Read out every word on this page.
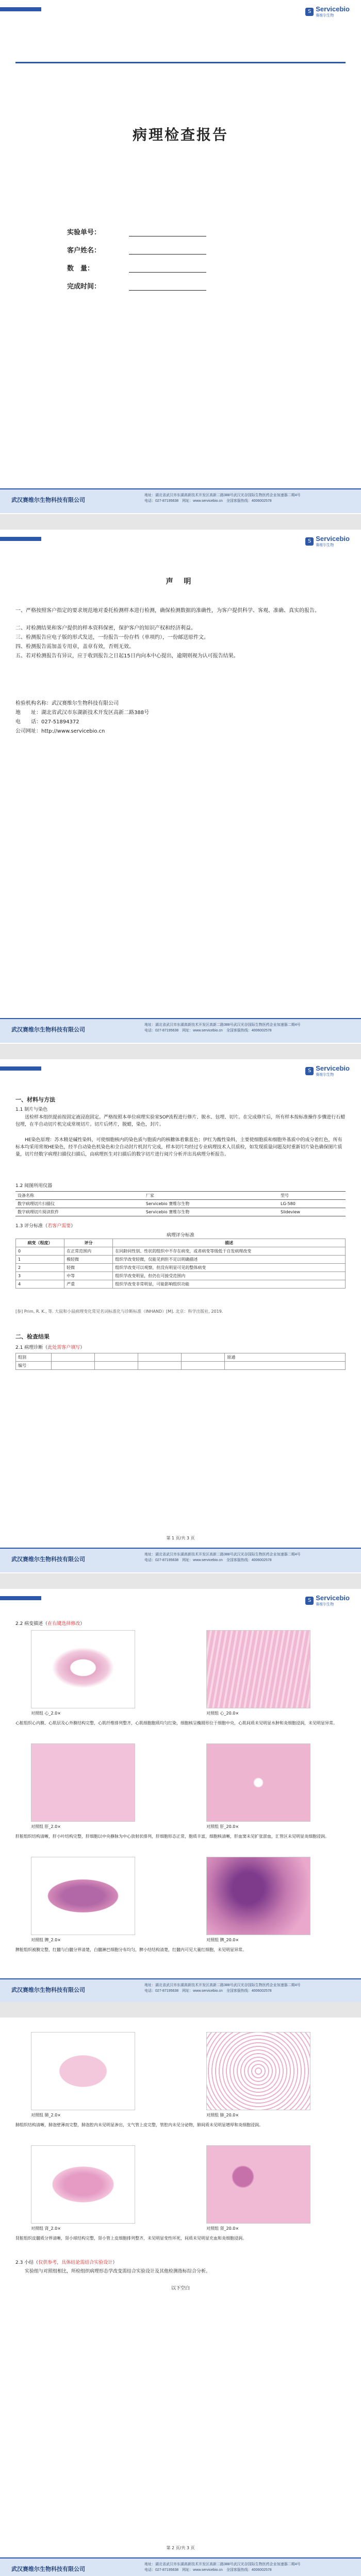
S Servicebio
赛维尔生物
病理检查报告
实验单号：
客户姓名：
数　量：
完成时间：
武汉赛维尔生物科技有限公司
地址：湖北省武汉市东湖高新技术开发区高新二路388号武汉光谷国际生物医药企业加速器二期4号
电话：027-87195638　 网址：www.servicebio.cn　 全国客服热线：4006002578
S Servicebio
赛维尔生物
声 明
一、严格按照客户指定的要求规范地对委托检测样本进行检测，确保检测数据的准确性，为客户提供科学、客观、准确、真实的报告。
二、对检测结果和客户提供的样本资料保密，保护客户的知识产权和经济利益。
三、检测报告应电子版的形式发送，一份报告一份存档（单项约），一份邮送原件文。
四、检测报告需加盖专用章，盖章有效，否则无效。
五、若对检测报告有异议，应于收到报告之日起15日内向本中心提出，逾期则视为认可报告结果。
检验机构名称：武汉赛维尔生物科技有限公司
地　　址：湖北省武汉市东湖新技术开发区高新二路388号
电　　话：027-51894372
公司网址：http://www.servicebio.cn
武汉赛维尔生物科技有限公司
地址：湖北省武汉市东湖高新技术开发区高新二路388号武汉光谷国际生物医药企业加速器二期4号
电话：027-87195638　 网址：www.servicebio.cn　 全国客服热线：4006002578
S Servicebio
赛维尔生物
一、材料与方法
1.1 制片与染色
送检样本组织提前按固定液浸泡固定。严格按照本单位病理实验室SOP流程进行修片、脱水、包埋、切片。在完成修片后，所有样本按标准操作步骤进行石蜡包埋，在半自动切片机完成常规切片。切片后烤片，脱蜡，染色，封片。
HE染色原理：苏木精是碱性染料，可使细胞核内的染色质与胞质内的核糖体着紫蓝色；伊红为酸性染料，主要使细胞质和细胞外基质中的成分着红色，所有标本均采用常规HE染色，经半自动染色机染色和全自动封片机封片完成，样本切片均经过专业病理技术人员质检，如发现质量问题及时重新切片染色确保图片质量，切片经数字病理扫描仪扫描后，由病理医生对扫描后的数字切片进行阅片分析并出具病理分析报告。
1.2 阅图所用仪器
设备名称	厂家	型号
数字病理切片扫描仪	Servicebio 赛维尔生物	LG-580
数字病理切片阅读软件	Servicebio 赛维尔生物	Slideview
1.3 评分标准（若客户需要）
病理评分标准
病变（程度）	评分	描述
0	在正常范围内	在同龄同性别、性状的组织中不存在病变，或者病变等级低于自发病理改变
1	极轻微	组织学改变轻微，仅能见到但不足以明确描述
2	轻微	组织学改变可以观察，但没有明显可见的整体病变
3	中等	组织学改变明显，但仍在可接受范围内
4	严重	组织学改变非常明显，可能影响组织功能
[参] Prim, R. K., 等. 大鼠和小鼠病理变化常见名词标准化与诊断标准（INHAND）[M]. 北京：科学出版社, 2019.
二、检查结果
2.1 病理诊断（此处需客户填写）
组别					原通
编号					
第 1 页/共 3 页
武汉赛维尔生物科技有限公司
地址：湖北省武汉市东湖高新技术开发区高新二路388号武汉光谷国际生物医药企业加速器二期4号
电话：027-87195638　 网址：www.servicebio.cn　 全国客服热线：4006002578
S Servicebio
赛维尔生物
2.2 病变描述（在右键选择修改）
对照组 心_2.0×	对照组 心_20.0×
心脏组织心内膜、心肌层及心外膜结构完整，心肌纤维排列整齐，心肌细胞胞质均匀红染，细胞核呈椭圆形位于细胞中央，心肌间质未见明显水肿和炎细胞浸润，未见明显异常。
对照组 肝_2.0×	对照组 肝_20.0×
肝脏组织结构清晰，肝小叶结构完整，肝细胞以中央静脉为中心放射状排列，肝细胞形态正常，胞质丰富，细胞核清晰，肝血窦未见扩张淤血，汇管区未见明显炎细胞浸润。
对照组 脾_2.0×	对照组 脾_20.0×
脾脏组织被膜完整，红髓与白髓分界清楚，白髓淋巴细胞分布均匀，脾小结结构清楚，红髓内可见大量红细胞，未见明显异常。
武汉赛维尔生物科技有限公司
地址：湖北省武汉市东湖高新技术开发区高新二路388号武汉光谷国际生物医药企业加速器二期4号
电话：027-87195638　 网址：www.servicebio.cn　 全国客服热线：4006002578
对照组 肺_2.0×	对照组 肺_20.0×
肺组织结构清晰，肺泡壁薄而完整，肺泡腔内未见明显渗出，支气管上皮完整，管腔内未见分泌物，肺间质未见明显增厚和炎细胞浸润。
对照组 肾_2.0×	对照组 肾_20.0×
肾脏组织皮髓质分界清晰，肾小球结构完整，肾小管上皮细胞排列整齐，未见明显变性坏死，间质未见明显充血和炎细胞浸润。
2.3 小结（仅供参考，具体结论需结合实验设计）
实验组与对照组相比，所检组织病理形态学改变需结合实验设计及其他检测指标综合分析。
以下空白
第 2 页/共 3 页
武汉赛维尔生物科技有限公司
地址：湖北省武汉市东湖高新技术开发区高新二路388号武汉光谷国际生物医药企业加速器二期4号
电话：027-87195638　 网址：www.servicebio.cn　 全国客服热线：4006002578
